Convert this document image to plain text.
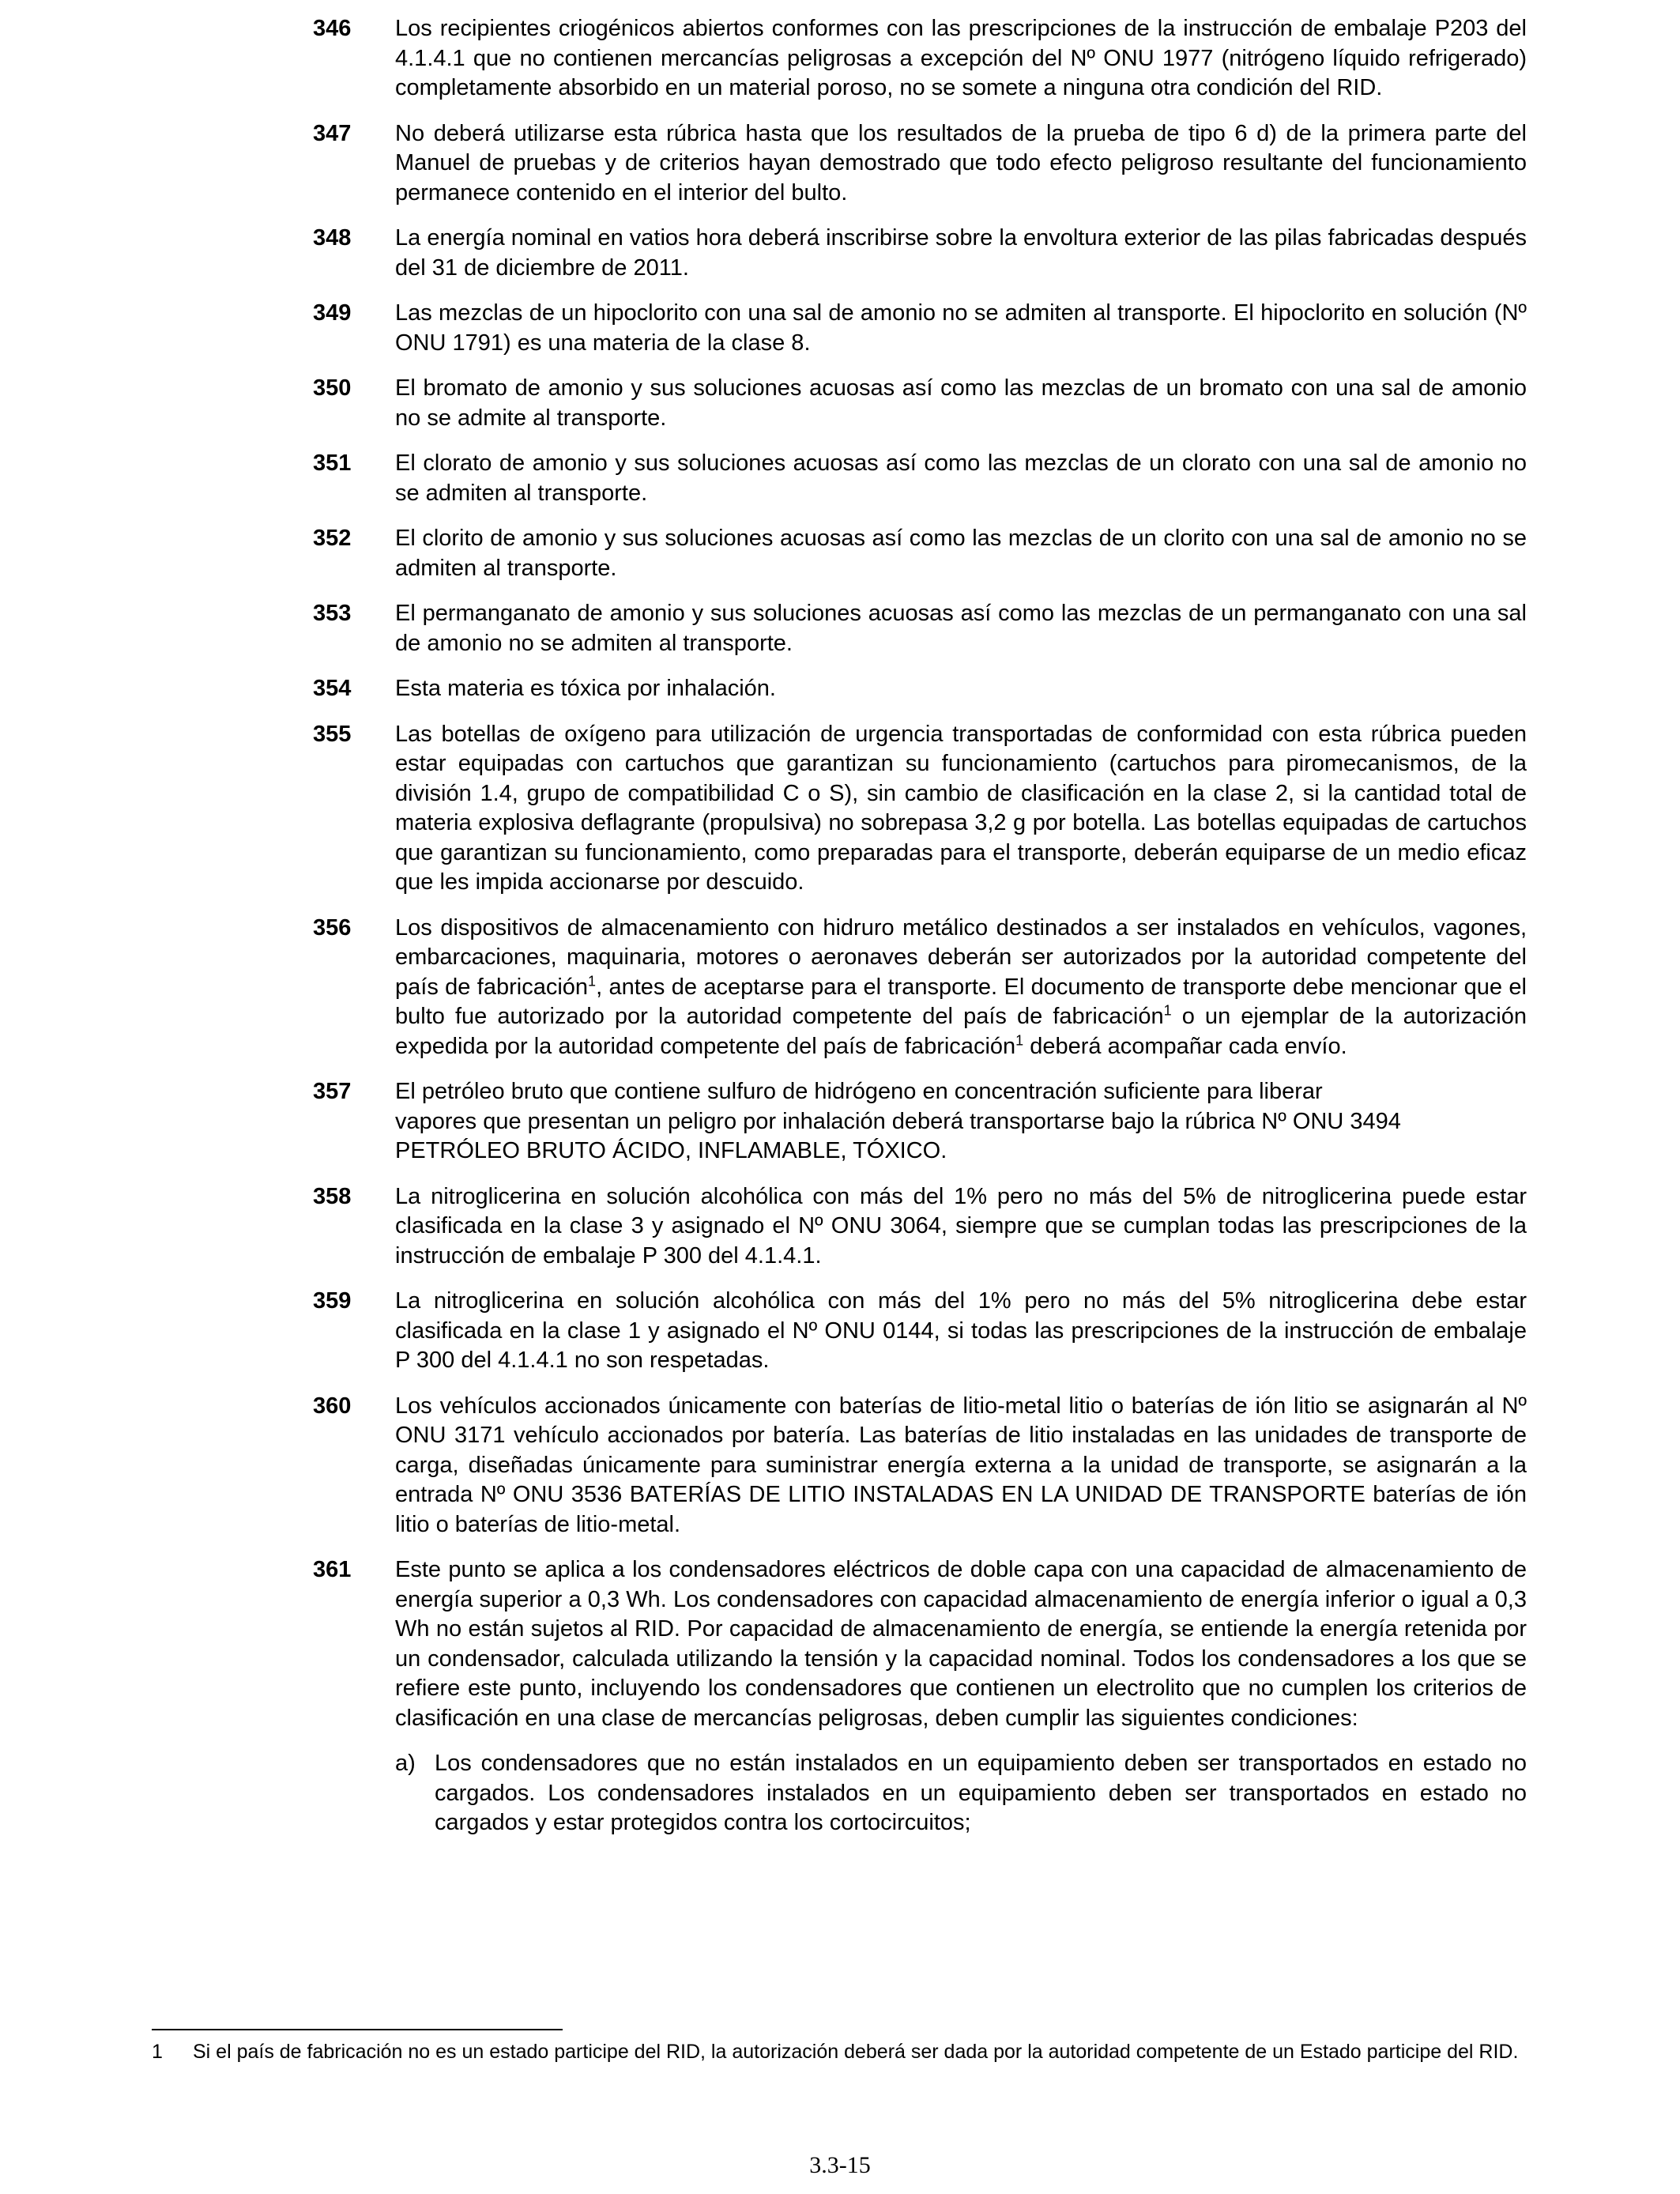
346	Los recipientes criogénicos abiertos conformes con las prescripciones de la instrucción de embalaje P203 del 4.1.4.1 que no contienen mercancías peligrosas a excepción del Nº ONU 1977 (nitrógeno líquido refrigerado) completamente absorbido en un material poroso, no se somete a ninguna otra condición del RID.
347	No deberá utilizarse esta rúbrica hasta que los resultados de la prueba de tipo 6 d) de la primera parte del Manuel de pruebas y de criterios hayan demostrado que todo efecto peligroso resultante del funcionamiento permanece contenido en el interior del bulto.
348	La energía nominal en vatios hora deberá inscribirse sobre la envoltura exterior de las pilas fabricadas después del 31 de diciembre de 2011.
349	Las mezclas de un hipoclorito con una sal de amonio no se admiten al transporte. El hipoclorito en solución (Nº ONU 1791) es una materia de la clase 8.
350	El bromato de amonio y sus soluciones acuosas así como las mezclas de un bromato con una sal de amonio no se admite al transporte.
351	El clorato de amonio y sus soluciones acuosas así como las mezclas de un clorato con una sal de amonio no se admiten al transporte.
352	El clorito de amonio y sus soluciones acuosas así como las mezclas de un clorito con una sal de amonio no se admiten al transporte.
353	El permanganato de amonio y sus soluciones acuosas así como las mezclas de un permanganato con una sal de amonio no se admiten al transporte.
354	Esta materia es tóxica por inhalación.
355	Las botellas de oxígeno para utilización de urgencia transportadas de conformidad con esta rúbrica pueden estar equipadas con cartuchos que garantizan su funcionamiento (cartuchos para piromecanismos, de la división 1.4, grupo de compatibilidad C o S), sin cambio de clasificación en la clase 2, si la cantidad total de materia explosiva deflagrante (propulsiva) no sobrepasa 3,2 g por botella. Las botellas equipadas de cartuchos que garantizan su funcionamiento, como preparadas para el transporte, deberán equiparse de un medio eficaz que les impida accionarse por descuido.
356	Los dispositivos de almacenamiento con hidruro metálico destinados a ser instalados en vehículos, vagones, embarcaciones, maquinaria, motores o aeronaves deberán ser autorizados por la autoridad competente del país de fabricación$^1$, antes de aceptarse para el transporte. El documento de transporte debe mencionar que el bulto fue autorizado por la autoridad competente del país de fabricación$^1$ o un ejemplar de la autorización expedida por la autoridad competente del país de fabricación$^1$ deberá acompañar cada envío.
357	El petróleo bruto que contiene sulfuro de hidrógeno en concentración suficiente para liberar

vapores que presentan un peligro por inhalación deberá transportarse bajo la rúbrica Nº ONU 3494

PETRÓLEO BRUTO ÁCIDO, INFLAMABLE, TÓXICO.

358	La nitroglicerina en solución alcohólica con más del 1% pero no más del 5% de nitroglicerina puede estar clasificada en la clase 3 y asignado el Nº ONU 3064, siempre que se cumplan todas las prescripciones de la instrucción de embalaje P 300 del 4.1.4.1.
359	La nitroglicerina en solución alcohólica con más del 1% pero no más del 5% nitroglicerina debe estar clasificada en la clase 1 y asignado el Nº ONU 0144, si todas las prescripciones de la instrucción de embalaje P 300 del 4.1.4.1 no son respetadas.
360	Los vehículos accionados únicamente con baterías de litio-metal litio o baterías de ión litio se asignarán al Nº ONU 3171 vehículo accionados por batería. Las baterías de litio instaladas en las unidades de transporte de carga, diseñadas únicamente para suministrar energía externa a la unidad de transporte, se asignarán a la entrada Nº ONU 3536 BATERÍAS DE LITIO INSTALADAS EN LA UNIDAD DE TRANSPORTE baterías de ión litio o baterías de litio-metal.
361	Este punto se aplica a los condensadores eléctricos de doble capa con una capacidad de almacenamiento de energía superior a 0,3 Wh. Los condensadores con capacidad almacenamiento de energía inferior o igual a 0,3 Wh no están sujetos al RID. Por capacidad de almacenamiento de energía, se entiende la energía retenida por un condensador, calculada utilizando la tensión y la capacidad nominal. Todos los condensadores a los que se refiere este punto, incluyendo los condensadores que contienen un electrolito que no cumplen los criterios de clasificación en una clase de mercancías peligrosas, deben cumplir las siguientes condiciones:

a) Los condensadores que no están instalados en un equipamiento deben ser transportados en estado no cargados. Los condensadores instalados en un equipamiento deben ser transportados en estado no cargados y estar protegidos contra los cortocircuitos;
1	Si el país de fabricación no es un estado participe del RID, la autorización deberá ser dada por la autoridad competente de un Estado participe del RID.
3.3-15
